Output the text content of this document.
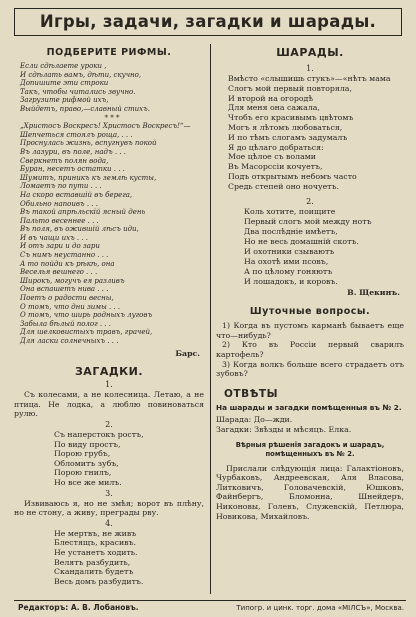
Игры, задачи, загадки и шарады.
ПОДБЕРИТЕ РИФМЫ.
Если сдѣлаете уроки ,
И сдѣлать вамъ, дѣти, скучно,
Допишите эти строки
Такъ, чтобы читались звучно.
Загрузите рифмой ихъ,
Выйдетъ, право,—славный стихъ.
* * *
„Христосъ Воскресъ! Христосъ Воскресъ!“—
Шепчеться стоялъ роща, . . .
Проснулась жизнь, вспугнувъ покой
Въ лазури, въ поле, надъ . . .
Сверкнетъ полян вода,
Буран, несетъ остатки . . .
Шумитъ, приникъ къ землѣ кусты,
Ломаетъ по пути . . .
На скоро вставшій въ берега,
Обильно напоивъ . . .
Въ такой апрѣльскій ясный день
Пальто весеннее . . .
Въ поля, въ ожившій лѣсъ иди,
И въ чащи ихъ . . .
И отъ зари и до зари
Съ нимъ неустанно . . .
А то пойди къ рѣкѣ, она
Веселья вешнего . . .
Широкъ, могучъ ея разливъ
Она вспашетъ нива . . .
Поетъ о радости весны,
О томъ, что дни зимы . . .
О томъ, что ширь родныхъ луговъ
Забыла бѣлый полог . . .
Для шелковистыхъ травъ, грачей,
Для ласки солнечныхъ . . .
Барс.
ЗАГАДКИ.
1.
Съ колесами, а не колесница. Летаю, а не птица. Не лодка, а люблю повиноваться рулю.
2.
Съ наперстокъ ростъ,
По виду простъ,
Порою грубъ,
Обломитъ зубъ,
Порою гнилъ,
Но все же милъ.
3.
Извиваюсь я, но не змѣя; ворот въ плѣну, но не стону, а живу, преграды рву.
4.
Не мертвъ, не живъ
Блестящъ, красивъ.
Не устанетъ ходить.
Велятъ разбудить,
Скандалить будетъ
Весь домъ разбудитъ.
ШАРАДЫ.
1.
Вмѣсто «слышишь стукъ»—«нѣтъ мама
Слогъ мой первый повторяла,
И второй на огородѣ
Для меня она сажала,
Чтобъ его красивымъ цвѣтомъ
Могъ я лѣтомъ любоваться,
И по тѣмъ слогамъ задумалъ
Я до цѣлаго добраться:
Мое цѣлое съ волами
Въ Маcорссіи кочуетъ,
Подъ открытымъ небомъ часто
Средь степей оно ночуетъ.
2.
Коль хотите, поищите
Первый слогъ мой между нотъ
Два послѣдніе имѣетъ,
Но не весь домашній скотъ.
И охотники сзываютъ
На охотѣ ими псовъ,
А по цѣлому гоняютъ
И лошадокъ, и коровъ.
В. Щекинъ.
Шуточные вопросы.
1) Когда въ пустомъ карманѣ бываетъ еще что—нибудь?
2) Кто въ Россіи первый сварилъ картофель?
3) Когда волкъ больше всего страдаетъ отъ зубовъ?
ОТВѢТЫ
На шарады и загадки помѣщенныя въ № 2.
Шарада: До—жди.
Загадки: Звѣзды и мѣсяцъ. Елка.
Вѣрныя рѣшенія загадокъ и шарадъ, помѣщенныхъ въ № 2.
Прислали слѣдующія лица: Галактіоновъ, Чурбаковъ, Андреевская, Аля Власова, Литковичъ, Головачевскій, Юшковъ, Файнбергъ, Бломонна, Шнейдеръ, Никоновы, Голевъ, Служевскій, Петлюра, Новикова, Михайловъ.
Редакторъ: А. В. Лобановъ.	Типогр. и цинк. торг. дома «МІЛСЪ», Москва.
